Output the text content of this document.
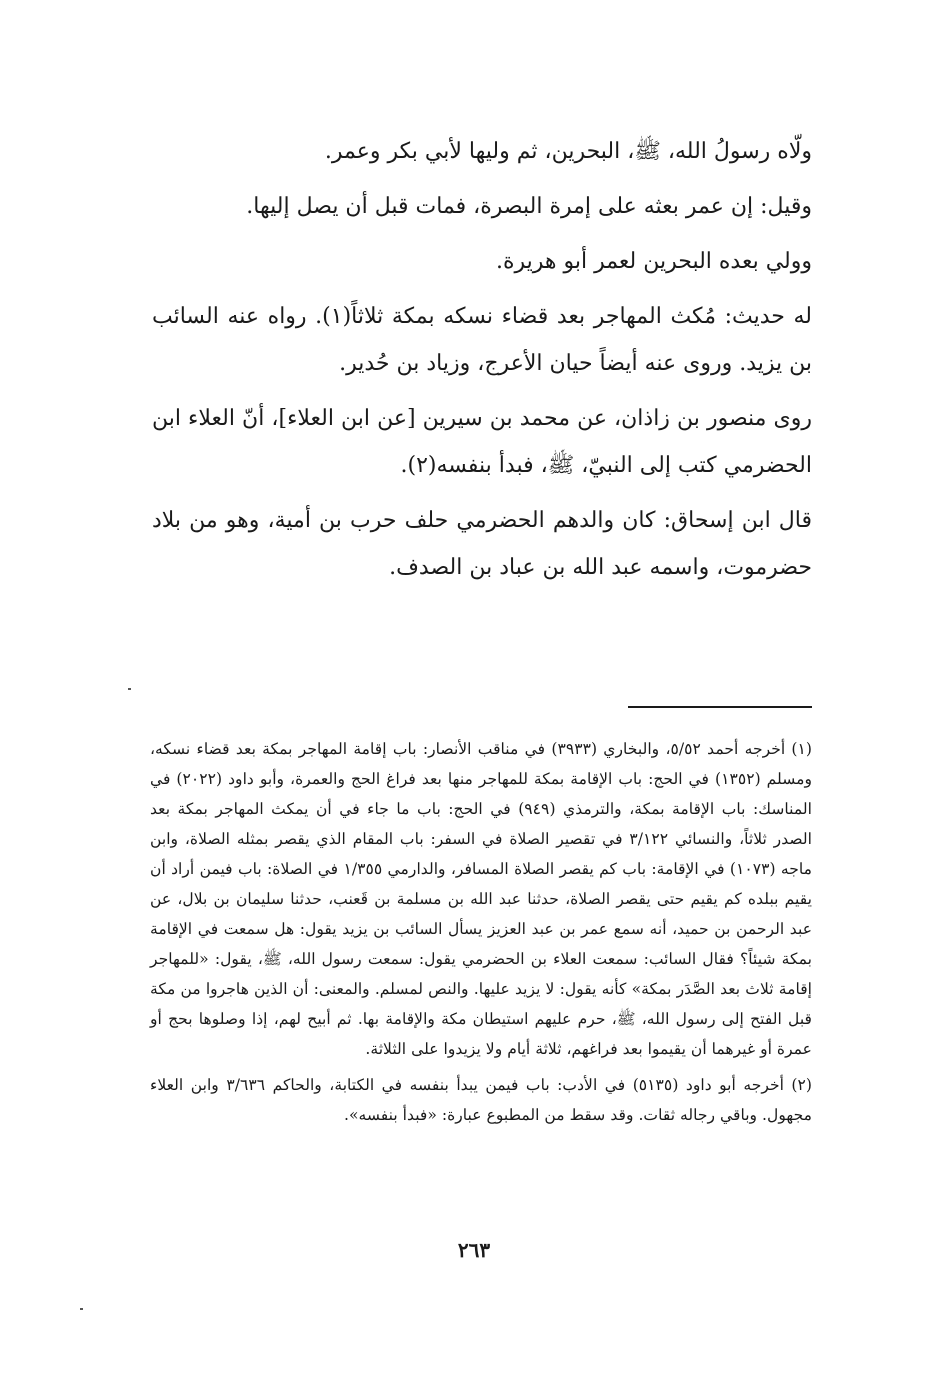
ولّاه رسولُ الله، ﷺ، البحرين، ثم وليها لأبي بكر وعمر.

وقيل: إن عمر بعثه على إمرة البصرة، فمات قبل أن يصل إليها.

وولي بعده البحرين لعمر أبو هريرة.

له حديث: مُكث المهاجر بعد قضاء نسكه بمكة ثلاثاً(١). رواه عنه السائب بن يزيد. وروى عنه أيضاً حيان الأعرج، وزياد بن حُدير.

روى منصور بن زاذان، عن محمد بن سيرين [عن ابن العلاء]، أنّ العلاء ابن الحضرمي كتب إلى النبيّ، ﷺ، فبدأ بنفسه(٢).

قال ابن إسحاق: كان والدهم الحضرمي حلف حرب بن أمية، وهو من بلاد حضرموت، واسمه عبد الله بن عباد بن الصدف.

(١) أخرجه أحمد ٥/٥٢، والبخاري (٣٩٣٣) في مناقب الأنصار: باب إقامة المهاجر بمكة بعد قضاء نسكه، ومسلم (١٣٥٢) في الحج: باب الإقامة بمكة للمهاجر منها بعد فراغ الحج والعمرة، وأبو داود (٢٠٢٢) في المناسك: باب الإقامة بمكة، والترمذي (٩٤٩) في الحج: باب ما جاء في أن يمكث المهاجر بمكة بعد الصدر ثلاثاً، والنسائي ٣/١٢٢ في تقصير الصلاة في السفر: باب المقام الذي يقصر بمثله الصلاة، وابن ماجه (١٠٧٣) في الإقامة: باب كم يقصر الصلاة المسافر، والدارمي ١/٣٥٥ في الصلاة: باب فيمن أراد أن يقيم ببلده كم يقيم حتى يقصر الصلاة، حدثنا عبد الله بن مسلمة بن قَعنب، حدثنا سليمان بن بلال، عن عبد الرحمن بن حميد، أنه سمع عمر بن عبد العزيز يسأل السائب بن يزيد يقول: هل سمعت في الإقامة بمكة شيئاً؟ فقال السائب: سمعت العلاء بن الحضرمي يقول: سمعت رسول الله، ﷺ، يقول: «للمهاجر إقامة ثلاث بعد الصَّدَر بمكة» كأنه يقول: لا يزيد عليها. والنص لمسلم. والمعنى: أن الذين هاجروا من مكة قبل الفتح إلى رسول الله، ﷺ، حرم عليهم استيطان مكة والإقامة بها. ثم أبيح لهم، إذا وصلوها بحج أو عمرة أو غيرهما أن يقيموا بعد فراغهم، ثلاثة أيام ولا يزيدوا على الثلاثة.

(٢) أخرجه أبو داود (٥١٣٥) في الأدب: باب فيمن يبدأ بنفسه في الكتابة، والحاكم ٣/٦٣٦ وابن العلاء مجهول. وباقي رجاله ثقات. وقد سقط من المطبوع عبارة: «فبدأ بنفسه».

٢٦٣
